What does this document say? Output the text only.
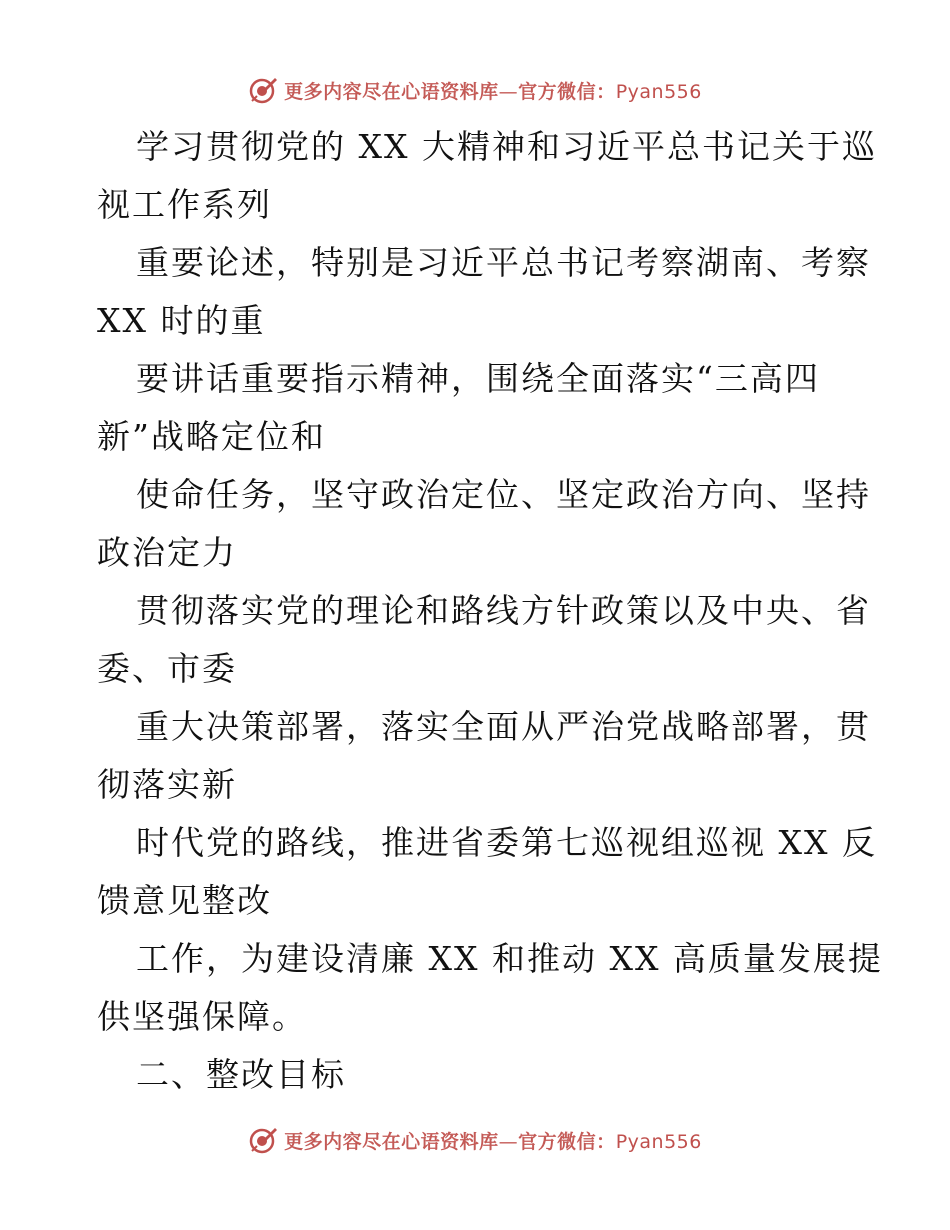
更多内容尽在心语资料库—官方微信：Pyan556
学习贯彻党的 XX 大精神和习近平总书记关于巡
视工作系列
重要论述，特别是习近平总书记考察湖南、考察
XX 时的重
要讲话重要指示精神，围绕全面落实“三高四
新”战略定位和
使命任务，坚守政治定位、坚定政治方向、坚持
政治定力
贯彻落实党的理论和路线方针政策以及中央、省
委、市委
重大决策部署，落实全面从严治党战略部署，贯
彻落实新
时代党的路线，推进省委第七巡视组巡视 XX 反
馈意见整改
工作，为建设清廉 XX 和推动 XX 高质量发展提
供坚强保障。
二、整改目标
更多内容尽在心语资料库—官方微信：Pyan556
